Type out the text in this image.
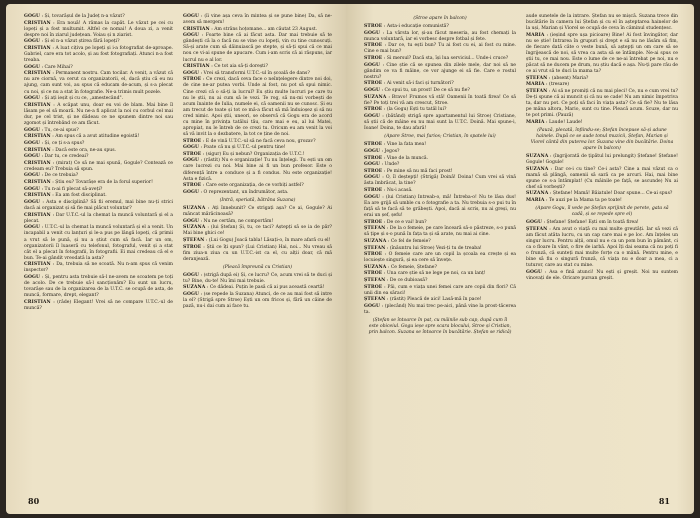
GOGU : Și, tovarășul de la Județ n-a văzut?

CRISTIAN : Era nouă! A rămas la capăt. Le văzut pe cei cu lopeți și a fost multumit. Altfel ce nomai! A doua zi, a venit despre noi în ziarul județean. Voiau și n ziarist.

GOGU : Și el n-a văzut știrea fără lopeți?

CRISTIAN : A luat cițiva pe lopeți și i-a fotografiat de-aproape. Gabriel, care era tot acolo, și au fost fotografiați. Atunci n-a fost treaba.

GOGU : Care Mihai?

CRISTIAN : Permanent nostru. Cam tocilar. A venit, a văzut că nu are ciornă, va cerut ca organizatorii, el, dacă știu că eu nu ajung, cam sunt voi, au spus că educam de-acum, și s-a plecat cu noi, și ce nu a stat în fotografie. Ne-a trimis mult pozele.

GOGU : Și ați ieșit și cu ce, „amestecând".

CRISTIAN : A scăpat unu, doar eu voi de blam. Mai bine îl lăsam pe el să moară. Nu ne-a fi aplicat la noi cu corbul cel mai dur, pe cel trist, și ne dădeau ce ne spunem dintre noi sau zgomot și întrebând ce am făcut.

GOGU : Tu, ce-ai spus?

CRISTIAN : Am spus că a avut atitudine egoistă!

GOGU : Și, ce ți s-a spus?

CRISTIAN : Dacă este ora, ne-au spus.

GOGU : Dar tu, ce credeai?

CRISTIAN : (mirat) Ce să ne mai spună, Gogule? Contează ce credeam eu? Trebuia să spun.

GOGU : De ce trebuia?

CRISTIAN : Știu eu? Tovarășe era de la forul superior!

GOGU : Tu n-ai fi plecat să-aveți?

CRISTIAN : Ea am fost disciplinat.

GOGU : Asta e disciplină? Să fii eremul, mai bine nu-ți strici dacă ai organizat și să fie mai plăcut voluntar?

CRISTIAN : Dar U.T.C.-ul la chemat la muncă voluntară și el a plecat.

GOGU : U.T.C.-ul la chemat la muncă voluntară și el a venit. Un incapabil a venit cu lanțuri și le-a pus pe lângă lopeți, că primii a vrut să le pună, și nu a știut cum să facă. Iar un om, organizatorii îl luaseră cu telefonul, fotograful, venit și a stat cât el a plecat în fotografii, în fotografii. Ei mai credeau că el e bun. Te-ai gândit vreodată la asta?

CRISTIAN : Da, trebuia să ne scoată. Nu n-am spus că venim inspector?

GOGU : Și, pentru asta trebuie să-l ne-avem ne scoatem pe toți de acolo. De ce trebuie să-l sancționăm? Eu sunt un lucru, tovarășe sau de la organizarea de la U.T.C. se ocupă de asta, de muncă, formare, drept, elegant?

CRISTIAN : (râde) Elegant! Vrei să ne compare U.T.C.-ul de muncă?

GOGU : (îi vine așa ceva în mintea și se pune bine) Da, să ne-avem să mergem!

CRISTIAN : Am strâns hoțomane... am căutat 23 August.

GOGU : Foarte bine că ai făcut asta. Dar mai trebuie să te gândești că la o facă nu se vine cu lopeți, vin cu tine cunoscuți. Să-și arate cum să dăinuiască pe stepte, și să-ți spui că ce mai nou ce vi-ai spune de apucare. Cum i-am scris că ai răspuns, iar lucrul nu e al lor.

CRISTIAN : Ce tot aia să-ți dorești?

GOGU : Vrei să transformi U.T.C.-ul în școală de dans?

STROE : Ce crezi, dacă ceva face o neînțelegere dintre noi doi, de cine ne-ar putea vorbi. Unde ai fost, nu pot să spui nimic. Cine crezi că o să-ți ia lucrul? Eu știu multe lucruri pe care tu nu le știi, nu ai cum să le vezi. Te rog, să nu-mi vorbești de acum înainte de Iulia, numele ei, că oamenii nu se cunosc. Și eu am trecut de toate și tot ce mă-a făcut să mă înduioșez și să nu cred nimic. Apoi știi, uneori, se observă că Gogu era de acord cu mine în privința tatălui tău, care mai e eu, al lui Matei, apropiat, nu le întreb de ce crezi tu. Oricum eu am venit la voi să vă invit la o dezbatere, la tot ce ține de noi.

STROE : E de vină U.T.C.-ul să ne facă ceva nou, grozav?

GOGU : Poate că nu și U.T.C.-ul pentru tine!

STROE : (sigur) Eu și nebun? Organizația de U.T.C.!

GOGU : (răstit) Nu e organizație! Tu nu înțelegi. Tu ești un om care lucrezi cu noi. Mai bine ai fi un bun profesor. Este o diferență între a conduce și a fi condus. Nu este organizație! Asta e fizică.

STROE : Care este organizația, de ce vorbiți astfel?

GOGU : O reprezentant, un îndrumător, asta.

(Intră, speriată, bătrâna Suzana)

SUZANA : Ați înnebunit? Ce strigați așa? Ce ai, Gogule? Ai măncat mărăcinoasă?

GOGU : Nu ne certăm, ne comportăm!

SUZANA : (lui Ștefan) Și, tu, ce taci? Aștepți să se ia de păr? Mai bine ghici ce!

ȘTEFAN : (Lui Gogu) Joacă tabla! Lăsați-o, în mare afară cu el!

STROE : Știi ce îți spun? (Lui Cristian) Hai, noi... Nu vreau să fim ziua-n ziua cu un U.T.C.-ist ca el, cu alții doar, că mă deranjează.

(Pleacă împreună cu Cristian)

GOGU : (strigă după ei) Și, ce lucru? Ce, acum vrei să te duci și tu? Bine, du-te! Nu îmi mai trebuie.

SUZANA : Ce dădeai. Puțin le pasă că ai pus această ceartă!

GOGU : (se repede la Suzana) Atunci, de ce au mai fost să intre la el? (Strigă spre Stroe) Ești un om fricos și, fără un câine de pază, nu-i dai cum ai face tu.

80

(Stroe apare în balcon)

STROE : Asta-i educație comunistă?

GOGU : La vârsta lor, și-au făcut meseria, au fost chemați la munca voluntară, iar ei vorbesc despre fotbal și fete.

STROE : Dar ce, tu ești bun? Tu ai fost cu ei, ai fost cu mine. Cine e mai bun?

STROE : Si mersul? Dacă sta, își lua serviciul... Unde-i cruce?

GOGU : Cine știe că se spunea din zilele mele, dar noi să ne gândim ce va fi mâine, ce vor ajunge ei să fie. Care e rostul nostru?

STROE : Ai venit să-i faci și turnători?

GOGU : Ce spui tu, un prost! De ce să nu fie?

SUZANA : Bravo! Frumos vă stă! Oamenii în toată firea! Ce să fie? Pe toți trei vă am crescut, Stroe.

STROE : (la Gogu) Ești tu tatăl lui?

GOGU : (bătând) strigă spre apartamentul lui Stroe) Cristiane, să știi că de mâine eu nu mai sunt la U.T.C. Doină. Mai spune-i, Ioane! Doina, te dau afară!

(Apare Stroe, mai furios; Cristian, în spatele lui)

STROE : Vine la fata mea!

GOGU : Jegos?

STROE : Vine de la muncă.

GOGU : Unde?

STROE : Pe mine să nu mă faci prost!

GOGU : O, îl deștepți! (Strigă) Doină! Doina! Cum vrei să vină ăsta îmbrăcat, la tine?

STROE : Nu-i acasă.

GOGU : (lui Cristian) Intreab-o, mă! Întreba-o! Nu te lăsa dus! Ea are grijă să umble cu o fotografie a ta. Nu trebuia s-o pui tu în față să te facă să te grăbești. Apoi, dacă ai scris, nu ai greși, nu erai un șef, șefu!

STROE : De ce e vai! bun?

ȘTEFAN : De la o femeie, pe care înceară să-o păstreze, s-o pună să țipe și s-o pună în fața ta și să arate, nu mai ai cine.

SUZANA : Ce fel de femeie?

ȘTEFAN : (înăuntru lui Stroe) Vezi-ți tu de treaba!

STROE : O femeie care are un copil la școala ea crește și ea locuiește singură, și ea cere să învețe.

SUZANA : Ce femeie, Ștefane?

STROE : Una care știe să ne lege pe noi, ca un lanț!

ȘTEFAN : De ce dubioasă?

STROE : Păi, cum e viața unei femei care are copii din flori? Că unii din ea săraci!

ȘTEFAN : (răstit) Pleacă de aici! Lasă-mă în pace!

GOGU : (plecând) Nu mai trec pe-aici, până vine la prost-tăcerea ta.

(Ștefan se întoarce în pat, cu mâinile sub cap, după cum îl este obiceiul. Gogu ieșe spre scara blocului, Stroe și Cristian, prin balcon. Suzana se întoarce în bucătărie. Ștefan se ridică)

aude sunetele de la intrare. Ștefan nu se mișcă. Suzana trece din bucătărie în camera lui Ștefan și cu el în așteptarea hainelor de la uși, Marian și Viorel se ocupă de ceva în căminul studențesc.

MARIA : (ieșind spre ușa picioare) Bine! Ai fost învingător, dar nu se știe! Intrarea în grupuri și drept e să nu ne lăsăm să fim, de fiecare dată câte o veste bună, să aștepți un om care să se îngrijească de noi, să vrea ca asta să se întâmple. Ne-ai spus ce știi tu, ce mai nou. Este o lume de ce ne-ai întrebat pe noi, nu e păcat să ne ducem pe drum, nu știu dacă e așa. Nu-ți pare rău de ce ai vrut să te duci la mama ta?

ȘTEFAN : (absent) Maria?

MARIA : (tresare)

ȘTEFAN : Ai să ne promiți că nu mai pleci! Ce, nu e cum vrei tu? De-ți spune că ai muncit și că nu se cade! Nu am nimic împotriva ta, dar nu pot. Ce poți să faci în viața asta? Ce să fie? Nu te lăsa pe mâna altora, Mario, sunt cu tine. Pleacă acum. Scuze, dar nu te pot primi. (Pauză)

MARIA : Laude! Laude!

(Pauză, plecată, înfiindu-se; Ștefan începuse să-și adune hainele. După ce se aude tonul muzicii, Ștefan, Marian și Viorel cântă din puterea lor. Suzana vine din bucătărie. Doina apare în balcon)

SUZANA : (îngrijorată de țipătul lui prelungit) Ștefane! Ștefane! Gogule! Gogule!

SUZANA : Dar ce-i cu tine? Ce-i asta? Cine a mai văzut ca o mamă să plângă, oamenii să sară ca pe arcuri. Hai, mai bine spune ce s-a întâmplat! (Cu mâinile pe față, se ascunde) Nu ai chef să vorbești?

SUZANA : Ștefane! Mamă! Băiatule! Doar spune... Ce-ai spus?

MARIA : Te auzi pe la Mama ta pe toate!

(Apare Gogu, îl vede pe Ștefan sprijinit de perete, gata să cadă, și se repede spre el)

GOGU : Ștefane! Ștefane! Ești om în toată firea!

ȘTEFAN : Am avut o viață cu mai multe greutăți. Iar să vezi că am făcut atâta lucru, cu un cap care mai e pe loc. Am înțeles un singur lucru. Pentru alții, omul nu e ca un pom bun în pământ, ci ca o floare în vânt, o fire de iarbă. Apoi îți dai seama că nu poți fi o frunză, că sunteți mai multe forțe ca o mână. Pentru mine, e bine să fiu o singură frunză, că viața nu e doar a mea, ci a tuturor, care au stat cu mine.

GOGU : Asa e fină atunci! Nu ești și greșit. Noi nu suntem vinovați de ele. Oricare pursan greșit.

81
